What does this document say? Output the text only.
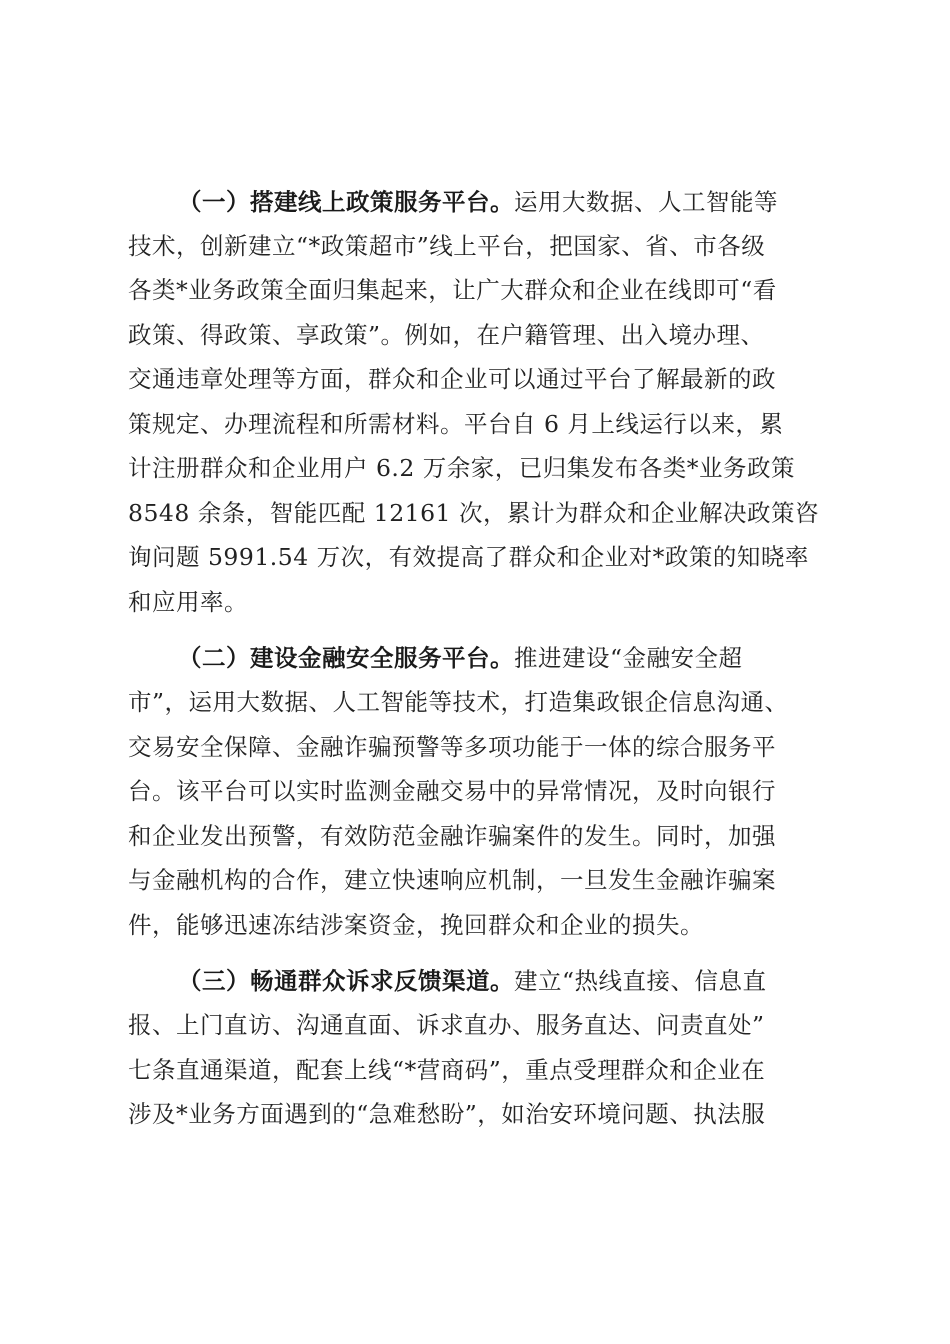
（一）搭建线上政策服务平台。运用大数据、人工智能等
技术，创新建立“*政策超市”线上平台，把国家、省、市各级
各类*业务政策全面归集起来，让广大群众和企业在线即可“看
政策、得政策、享政策”。例如，在户籍管理、出入境办理、
交通违章处理等方面，群众和企业可以通过平台了解最新的政
策规定、办理流程和所需材料。平台自 6 月上线运行以来，累
计注册群众和企业用户 6.2 万余家，已归集发布各类*业务政策
8548 余条，智能匹配 12161 次，累计为群众和企业解决政策咨
询问题 5991.54 万次，有效提高了群众和企业对*政策的知晓率
和应用率。
（二）建设金融安全服务平台。推进建设“金融安全超
市”，运用大数据、人工智能等技术，打造集政银企信息沟通、
交易安全保障、金融诈骗预警等多项功能于一体的综合服务平
台。该平台可以实时监测金融交易中的异常情况，及时向银行
和企业发出预警，有效防范金融诈骗案件的发生。同时，加强
与金融机构的合作，建立快速响应机制，一旦发生金融诈骗案
件，能够迅速冻结涉案资金，挽回群众和企业的损失。
（三）畅通群众诉求反馈渠道。建立“热线直接、信息直
报、上门直访、沟通直面、诉求直办、服务直达、问责直处”
七条直通渠道，配套上线“*营商码”，重点受理群众和企业在
涉及*业务方面遇到的“急难愁盼”，如治安环境问题、执法服
